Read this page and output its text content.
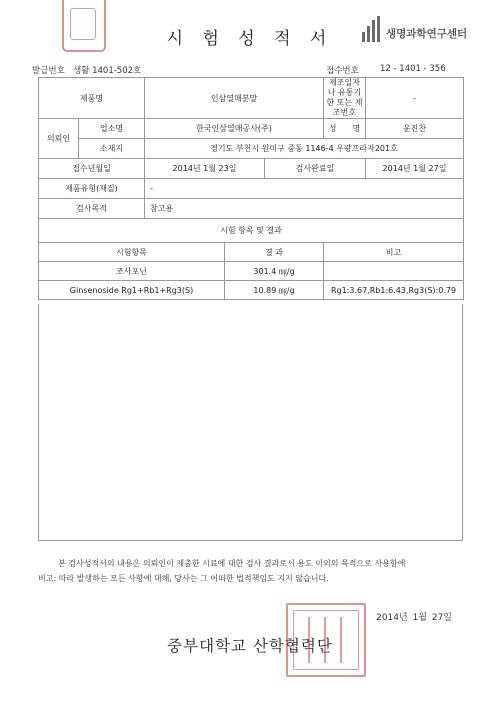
시 험 성 적 서	생명과학연구센터
발급번호 생활 1401-502호	접수번호 12 - 1401 - 356
제품명		인삼열매분말			제조일자나 유통기한 또는 제조번호	-
의뢰인	업소명	한국인삼열매공사(주)			성　　명	윤진찬
	소재지	경기도 부천시 원미구 중동 1146-4 우광프라자201호				
접수년월일		2014년 1월 23일		검사완료일		2014년 1월 27일
제품유형(재질)		-				
검사목적		참고용				
시험 항목 및 결과						
시험항목			결 과		비고	
조사포닌			301.4 ㎎/g			
Ginsenoside Rg1+Rb1+Rg3(S)			10.89 ㎎/g		Rg1:3.67,Rb1:6.43,Rg3(S):0.79	
본 검사성적서의 내용은 의뢰인이 제출한 시료에 대한 검사 결과로서 용도 이외의 목적으로 사용함에
비고: 따라 발생하는 모든 사항에 대해, 당사는 그 어떠한 법적책임도 지지 않습니다.
2014년 1월 27일
중부대학교 산학협력단
